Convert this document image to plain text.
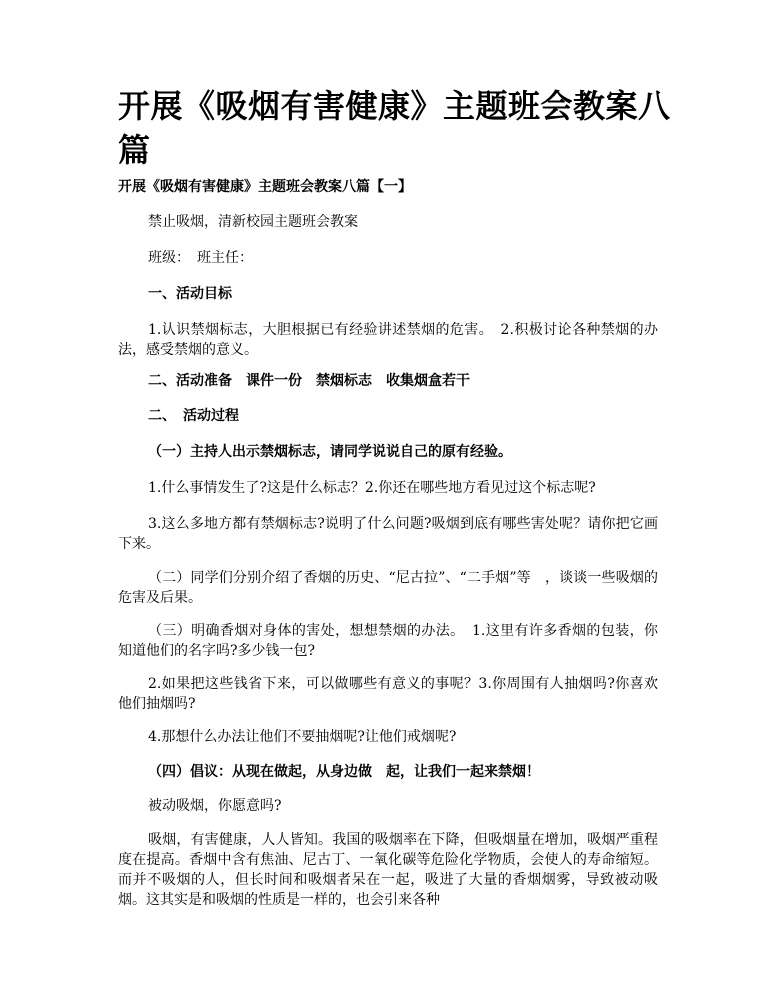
开展《吸烟有害健康》主题班会教案八篇
开展《吸烟有害健康》主题班会教案八篇【一】

禁止吸烟，清新校园主题班会教案

班级：　班主任：

一、活动目标

1.认识禁烟标志，大胆根据已有经验讲述禁烟的危害。　2.积极讨论各种禁烟的办法，感受禁烟的意义。

二、活动准备　课件一份　禁烟标志　收集烟盒若干

二、　活动过程

（一）主持人出示禁烟标志，请同学说说自己的原有经验。

1.什么事情发生了?这是什么标志？2.你还在哪些地方看见过这个标志呢?

3.这么多地方都有禁烟标志?说明了什么问题?吸烟到底有哪些害处呢？请你把它画下来。

（二）同学们分别介绍了香烟的历史、“尼古拉”、“二手烟”等　，谈谈一些吸烟的危害及后果。

（三）明确香烟对身体的害处，想想禁烟的办法。　1.这里有许多香烟的包装，你知道他们的名字吗?多少钱一包?

2.如果把这些钱省下来，可以做哪些有意义的事呢？3.你周围有人抽烟吗?你喜欢他们抽烟吗?

4.那想什么办法让他们不要抽烟呢?让他们戒烟呢?

（四）倡议：从现在做起，从身边做　起，让我们一起来禁烟！

被动吸烟，你愿意吗?

吸烟，有害健康，人人皆知。我国的吸烟率在下降，但吸烟量在增加，吸烟严重程度在提高。香烟中含有焦油、尼古丁、一氧化碳等危险化学物质，会使人的寿命缩短。而并不吸烟的人，但长时间和吸烟者呆在一起，吸进了大量的香烟烟雾，导致被动吸烟。这其实是和吸烟的性质是一样的，也会引来各种
